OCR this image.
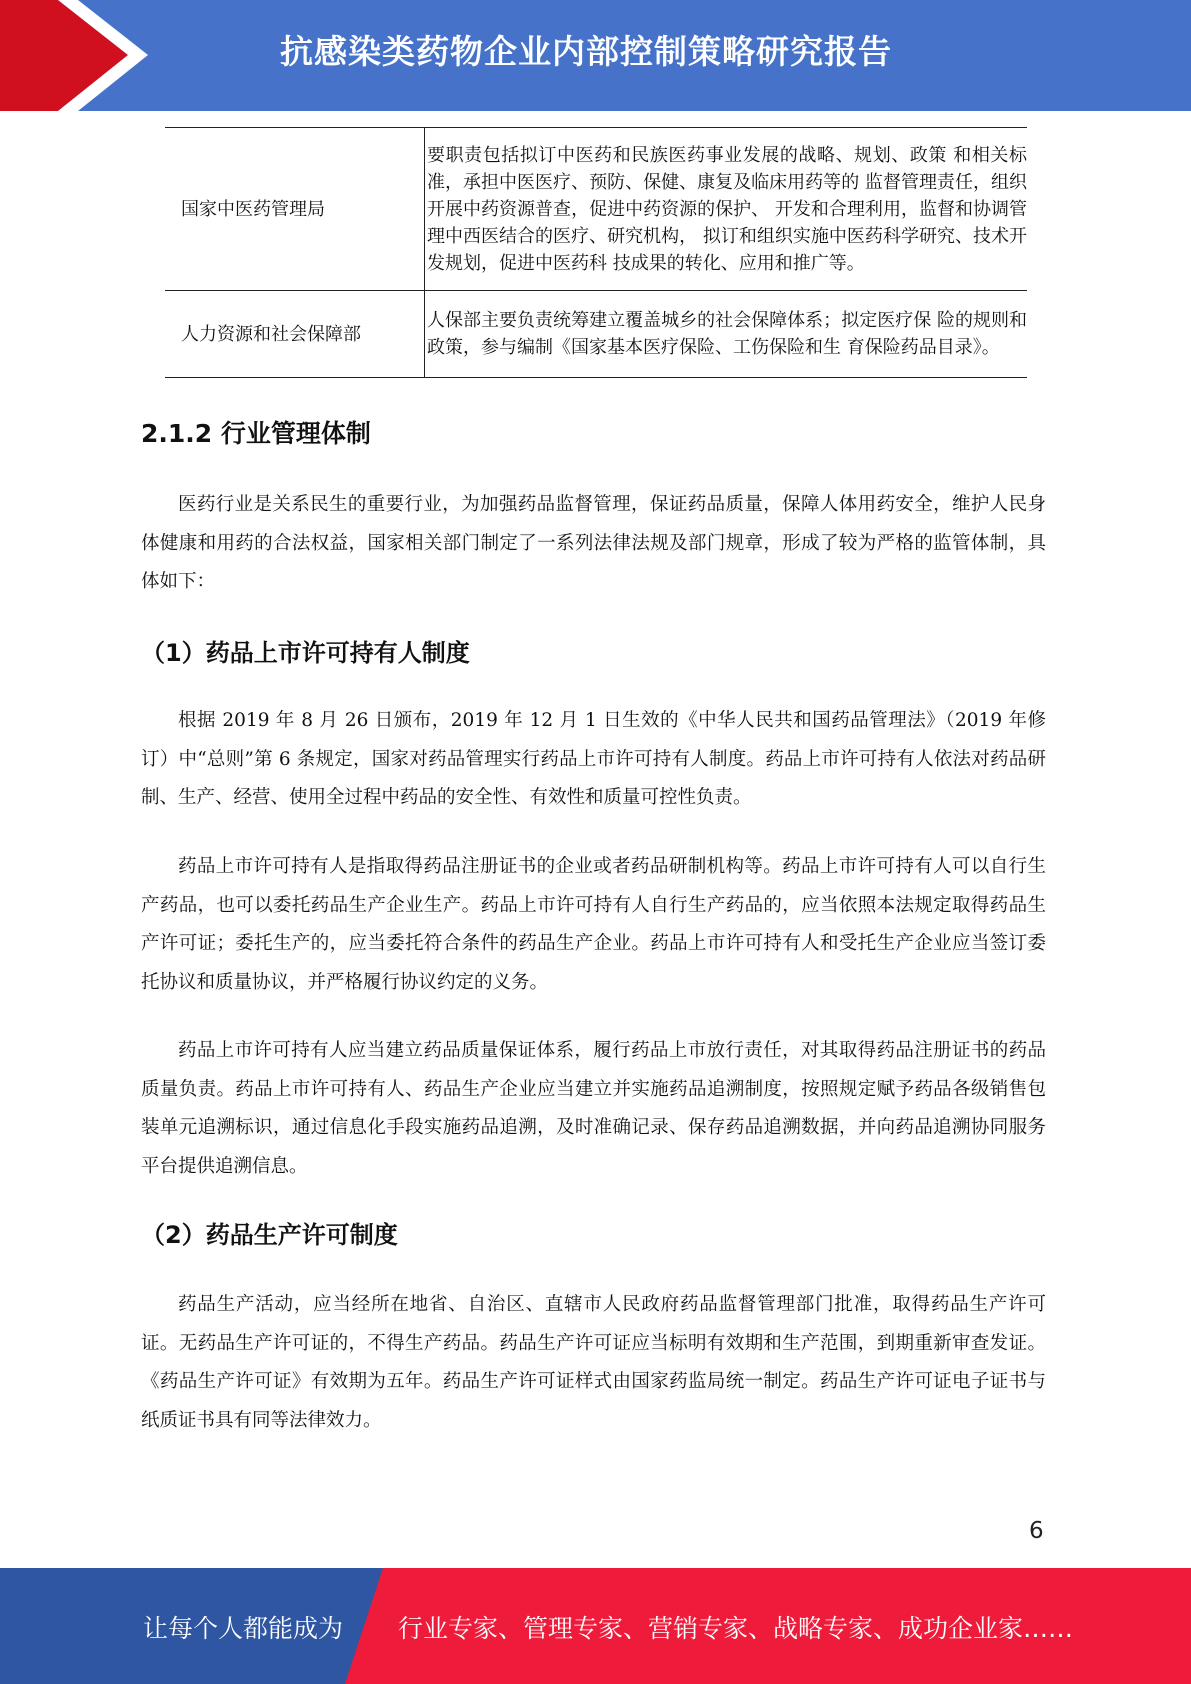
抗感染类药物企业内部控制策略研究报告
国家中医药管理局	要职责包括拟订中医药和民族医药事业发展的战略、规划、政策 和相关标准，承担中医医疗、预防、保健、康复及临床用药等的 监督管理责任，组织开展中药资源普查，促进中药资源的保护、 开发和合理利用，监督和协调管理中西医结合的医疗、研究机构， 拟订和组织实施中医药科学研究、技术开发规划，促进中医药科 技成果的转化、应用和推广等。
人力资源和社会保障部	人保部主要负责统筹建立覆盖城乡的社会保障体系；拟定医疗保 险的规则和政策，参与编制《国家基本医疗保险、工伤保险和生 育保险药品目录》。
2.1.2 行业管理体制

医药行业是关系民生的重要行业，为加强药品监督管理，保证药品质量，保障人体用药安全，维护人民身体健康和用药的合法权益，国家相关部门制定了一系列法律法规及部门规章，形成了较为严格的监管体制，具体如下：

（1）药品上市许可持有人制度

根据 2019 年 8 月 26 日颁布，2019 年 12 月 1 日生效的《中华人民共和国药品管理法》（2019 年修订）中“总则”第 6 条规定，国家对药品管理实行药品上市许可持有人制度。药品上市许可持有人依法对药品研制、生产、经营、使用全过程中药品的安全性、有效性和质量可控性负责。

药品上市许可持有人是指取得药品注册证书的企业或者药品研制机构等。药品上市许可持有人可以自行生产药品，也可以委托药品生产企业生产。药品上市许可持有人自行生产药品的，应当依照本法规定取得药品生产许可证；委托生产的，应当委托符合条件的药品生产企业。药品上市许可持有人和受托生产企业应当签订委托协议和质量协议，并严格履行协议约定的义务。

药品上市许可持有人应当建立药品质量保证体系，履行药品上市放行责任，对其取得药品注册证书的药品质量负责。药品上市许可持有人、药品生产企业应当建立并实施药品追溯制度，按照规定赋予药品各级销售包装单元追溯标识，通过信息化手段实施药品追溯，及时准确记录、保存药品追溯数据，并向药品追溯协同服务平台提供追溯信息。

（2）药品生产许可制度

药品生产活动，应当经所在地省、自治区、直辖市人民政府药品监督管理部门批准，取得药品生产许可证。无药品生产许可证的，不得生产药品。药品生产许可证应当标明有效期和生产范围，到期重新审查发证。《药品生产许可证》有效期为五年。药品生产许可证样式由国家药监局统一制定。药品生产许可证电子证书与纸质证书具有同等法律效力。

6
让每个人都能成为 行业专家、管理专家、营销专家、战略专家、成功企业家……
